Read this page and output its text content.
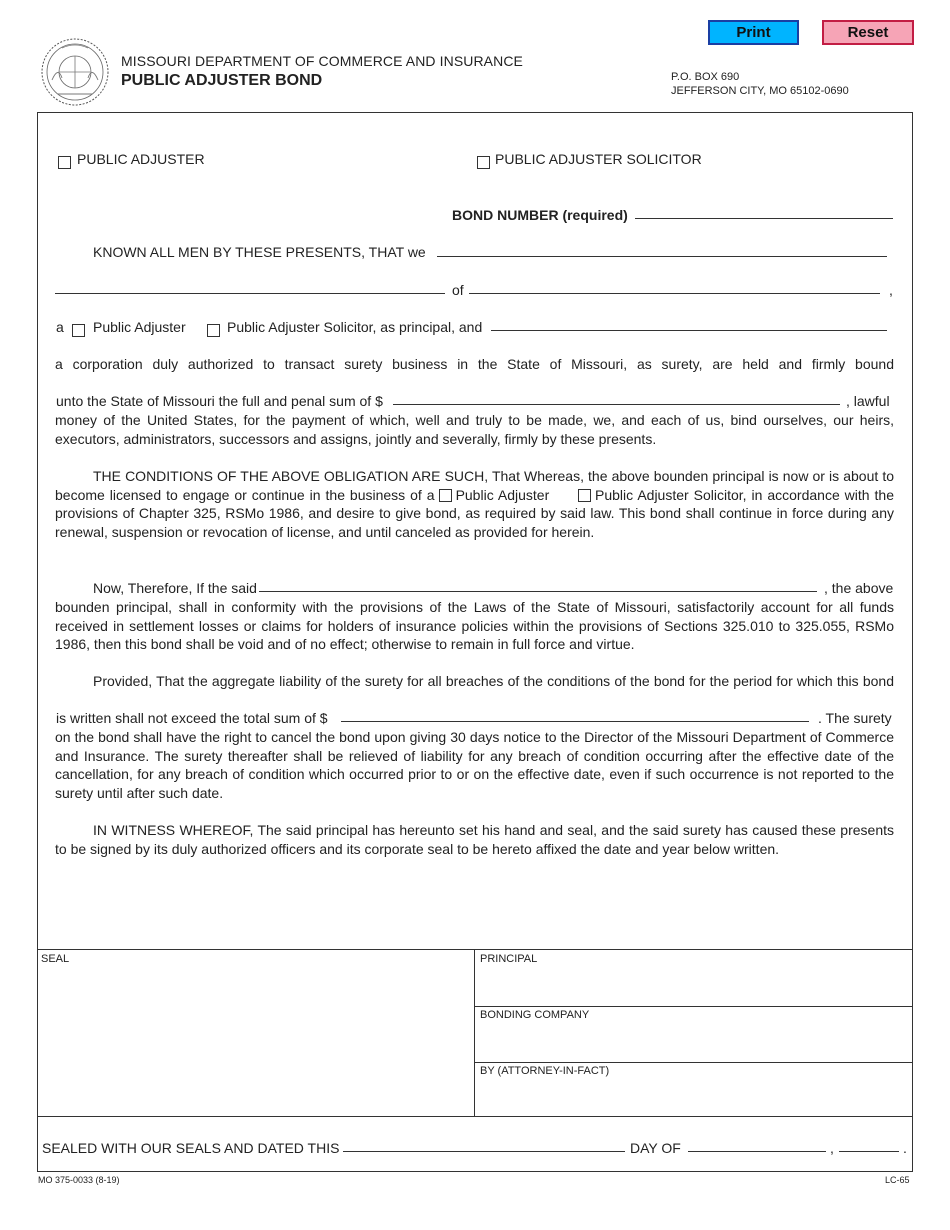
Print	Reset
MISSOURI DEPARTMENT OF COMMERCE AND INSURANCE
PUBLIC ADJUSTER BOND	P.O. BOX 690
JEFFERSON CITY, MO 65102-0690
PUBLIC ADJUSTER	PUBLIC ADJUSTER SOLICITOR
BOND NUMBER (required)
KNOWN ALL MEN BY THESE PRESENTS, THAT we
of	,
a Public Adjuster	Public Adjuster Solicitor, as principal, and
a corporation duly authorized to transact surety business in the State of Missouri, as surety, are held and firmly bound
unto the State of Missouri the full and penal sum of $	, lawful
money of the United States, for the payment of which, well and truly to be made, we, and each of us, bind ourselves, our heirs, executors, administrators, successors and assigns, jointly and severally, firmly by these presents.
THE CONDITIONS OF THE ABOVE OBLIGATION ARE SUCH, That Whereas, the above bounden principal is now or is about to become licensed to engage or continue in the business of a Public Adjuster	Public Adjuster Solicitor, in accordance with the provisions of Chapter 325, RSMo 1986, and desire to give bond, as required by said law. This bond shall continue in force during any renewal, suspension or revocation of license, and until canceled as provided for herein.
Now, Therefore, If the said	, the above
bounden principal, shall in conformity with the provisions of the Laws of the State of Missouri, satisfactorily account for all funds received in settlement losses or claims for holders of insurance policies within the provisions of Sections 325.010 to 325.055, RSMo 1986, then this bond shall be void and of no effect; otherwise to remain in full force and virtue.
Provided, That the aggregate liability of the surety for all breaches of the conditions of the bond for the period for which this bond
is written shall not exceed the total sum of $	. The surety
on the bond shall have the right to cancel the bond upon giving 30 days notice to the Director of the Missouri Department of Commerce and Insurance. The surety thereafter shall be relieved of liability for any breach of condition occurring after the effective date of the cancellation, for any breach of condition which occurred prior to or on the effective date, even if such occurrence is not reported to the surety until after such date.
IN WITNESS WHEREOF, The said principal has hereunto set his hand and seal, and the said surety has caused these presents to be signed by its duly authorized officers and its corporate seal to be hereto affixed the date and year below written.
SEAL	PRINCIPAL
BONDING COMPANY
BY (ATTORNEY-IN-FACT)
SEALED WITH OUR SEALS AND DATED THIS	DAY OF	,	.
MO 375-0033 (8-19)	LC-65
